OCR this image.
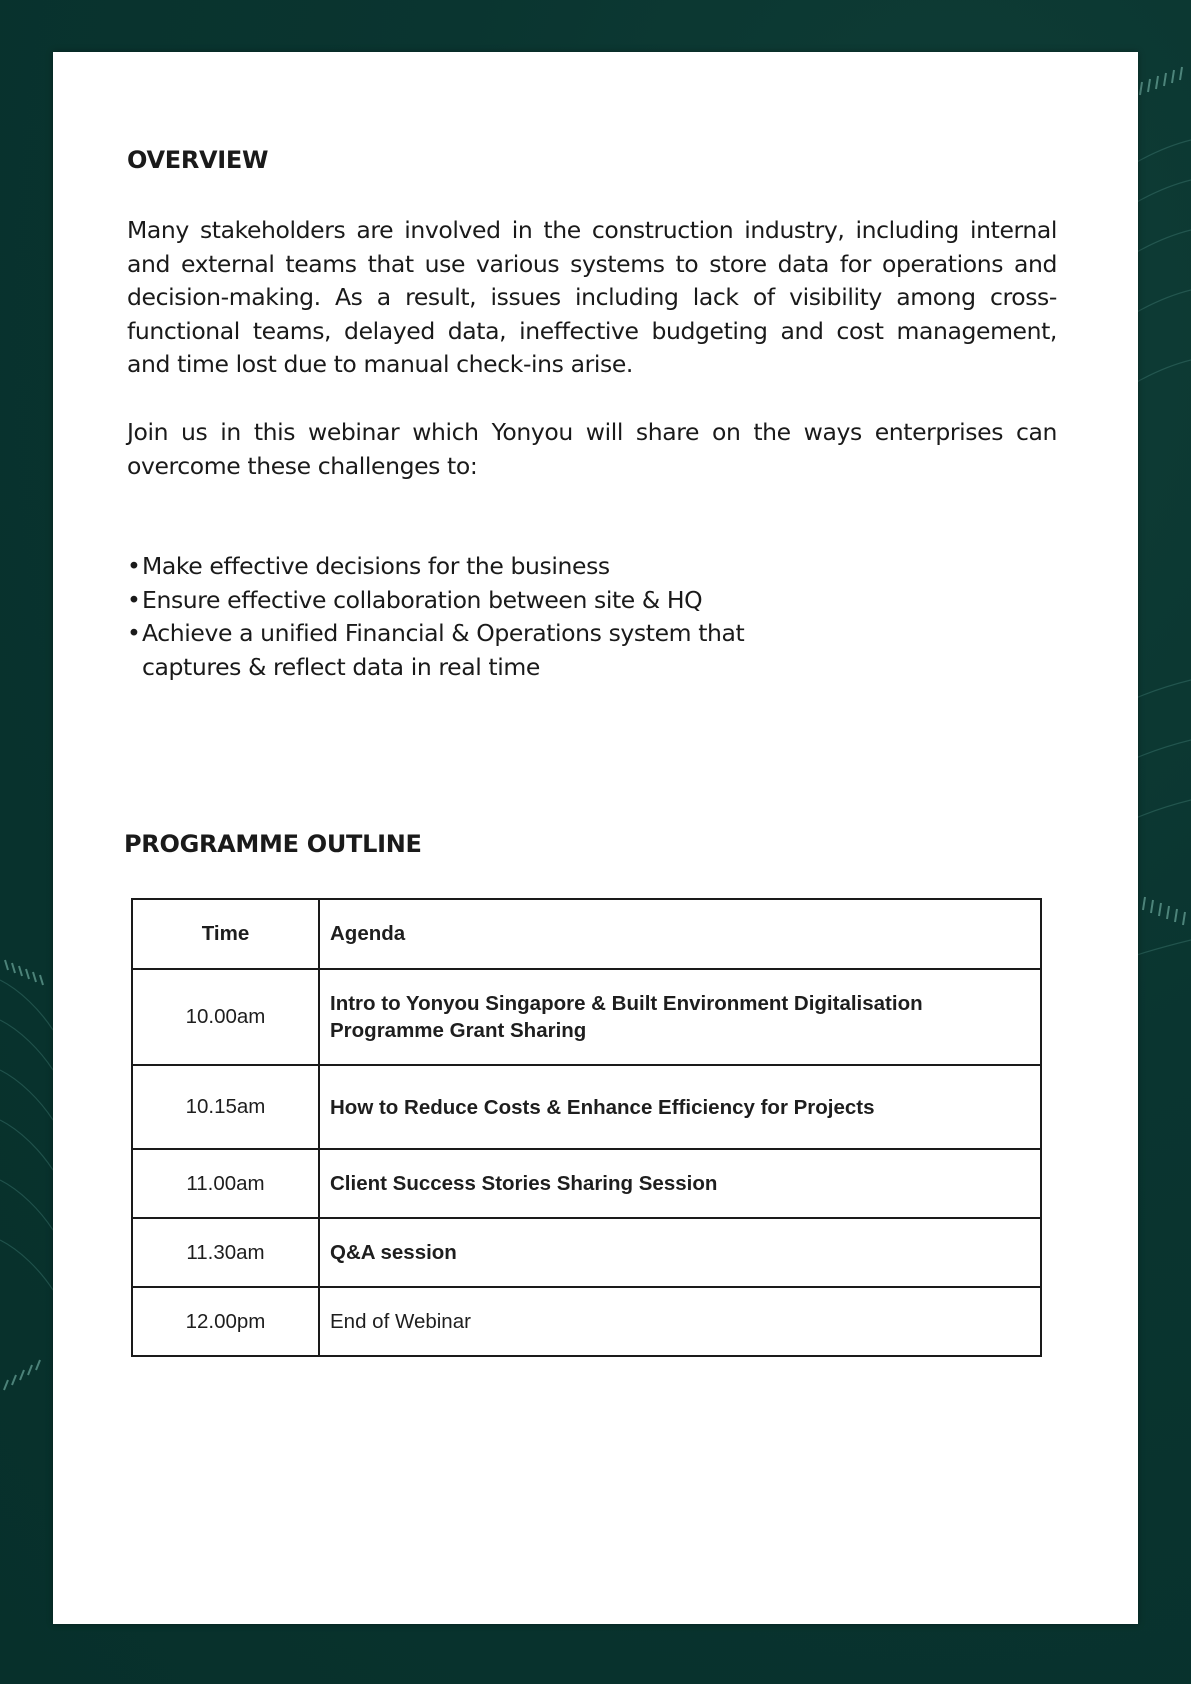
OVERVIEW

Many stakeholders are involved in the construction industry, including internal and external teams that use various systems to store data for operations and decision-making. As a result, issues including lack of visibility among cross-functional teams, delayed data, ineffective budgeting and cost management, and time lost due to manual check-ins arise.

Join us in this webinar which Yonyou will share on the ways enterprises can overcome these challenges to:

• Make effective decisions for the business
• Ensure effective collaboration between site & HQ
• Achieve a unified Financial & Operations system that captures & reflect data in real time
PROGRAMME OUTLINE
Time	Agenda
10.00am	Intro to Yonyou Singapore & Built Environment Digitalisation Programme Grant Sharing
10.15am	How to Reduce Costs & Enhance Efficiency for Projects
11.00am	Client Success Stories Sharing Session
11.30am	Q&A session
12.00pm	End of Webinar
